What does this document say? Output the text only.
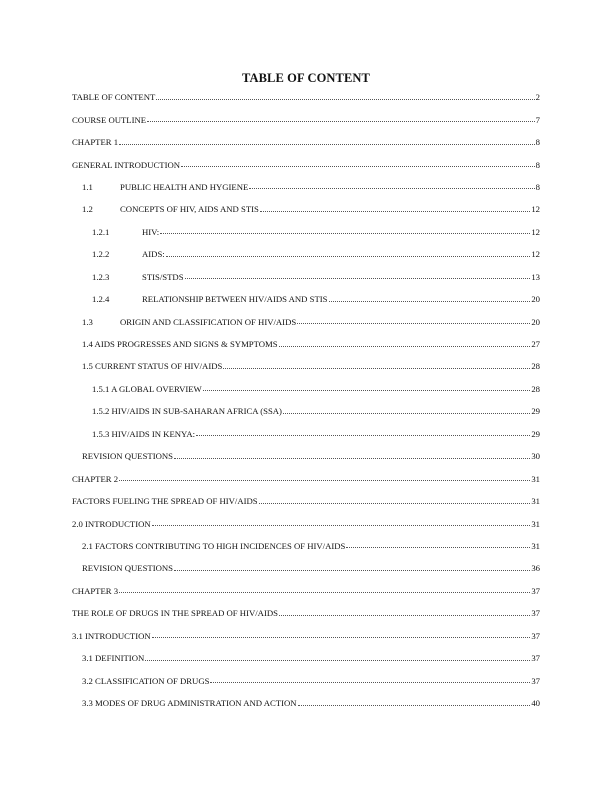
TABLE OF CONTENT
TABLE OF CONTENT	2
COURSE OUTLINE	7
CHAPTER 1	8
GENERAL INTRODUCTION	8
1.1	PUBLIC HEALTH AND HYGIENE	8
1.2	CONCEPTS OF HIV, AIDS AND STIS	12
1.2.1	HIV:	12
1.2.2	AIDS:	12
1.2.3	STIS/STDS	13
1.2.4	RELATIONSHIP BETWEEN HIV/AIDS AND STIS	20
1.3	ORIGIN AND CLASSIFICATION OF HIV/AIDS	20
1.4 AIDS PROGRESSES AND SIGNS & SYMPTOMS	27
1.5 CURRENT STATUS OF HIV/AIDS	28
1.5.1 A GLOBAL OVERVIEW	28
1.5.2 HIV/AIDS IN SUB-SAHARAN AFRICA (SSA)	29
1.5.3 HIV/AIDS IN KENYA:	29
REVISION QUESTIONS	30
CHAPTER 2	31
FACTORS FUELING THE SPREAD OF HIV/AIDS	31
2.0 INTRODUCTION	31
2.1 FACTORS CONTRIBUTING TO HIGH INCIDENCES OF HIV/AIDS	31
REVISION QUESTIONS	36
CHAPTER 3	37
THE ROLE OF DRUGS IN THE SPREAD OF HIV/AIDS	37
3.1 INTRODUCTION	37
3.1 DEFINITION	37
3.2 CLASSIFICATION OF DRUGS	37
3.3 MODES OF DRUG ADMINISTRATION AND ACTION	40
